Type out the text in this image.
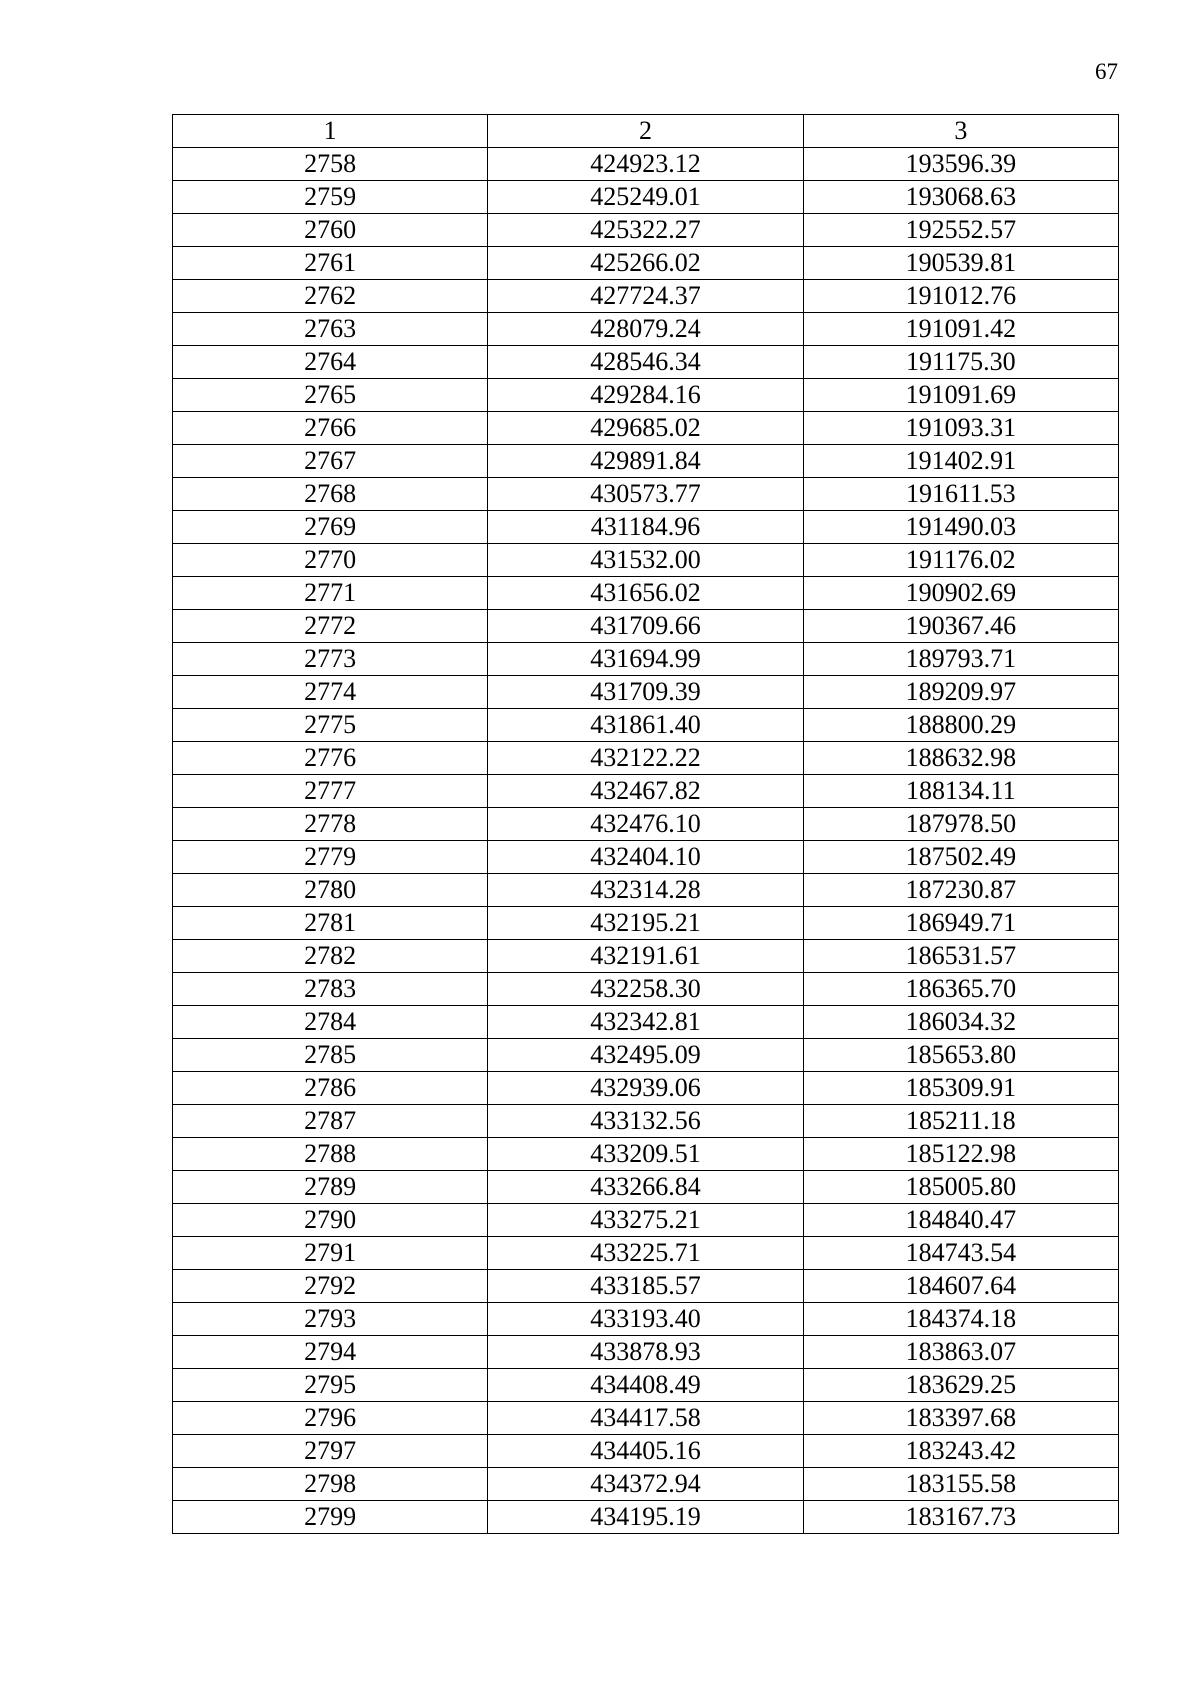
67
1	2	3
2758	424923.12	193596.39
2759	425249.01	193068.63
2760	425322.27	192552.57
2761	425266.02	190539.81
2762	427724.37	191012.76
2763	428079.24	191091.42
2764	428546.34	191175.30
2765	429284.16	191091.69
2766	429685.02	191093.31
2767	429891.84	191402.91
2768	430573.77	191611.53
2769	431184.96	191490.03
2770	431532.00	191176.02
2771	431656.02	190902.69
2772	431709.66	190367.46
2773	431694.99	189793.71
2774	431709.39	189209.97
2775	431861.40	188800.29
2776	432122.22	188632.98
2777	432467.82	188134.11
2778	432476.10	187978.50
2779	432404.10	187502.49
2780	432314.28	187230.87
2781	432195.21	186949.71
2782	432191.61	186531.57
2783	432258.30	186365.70
2784	432342.81	186034.32
2785	432495.09	185653.80
2786	432939.06	185309.91
2787	433132.56	185211.18
2788	433209.51	185122.98
2789	433266.84	185005.80
2790	433275.21	184840.47
2791	433225.71	184743.54
2792	433185.57	184607.64
2793	433193.40	184374.18
2794	433878.93	183863.07
2795	434408.49	183629.25
2796	434417.58	183397.68
2797	434405.16	183243.42
2798	434372.94	183155.58
2799	434195.19	183167.73
